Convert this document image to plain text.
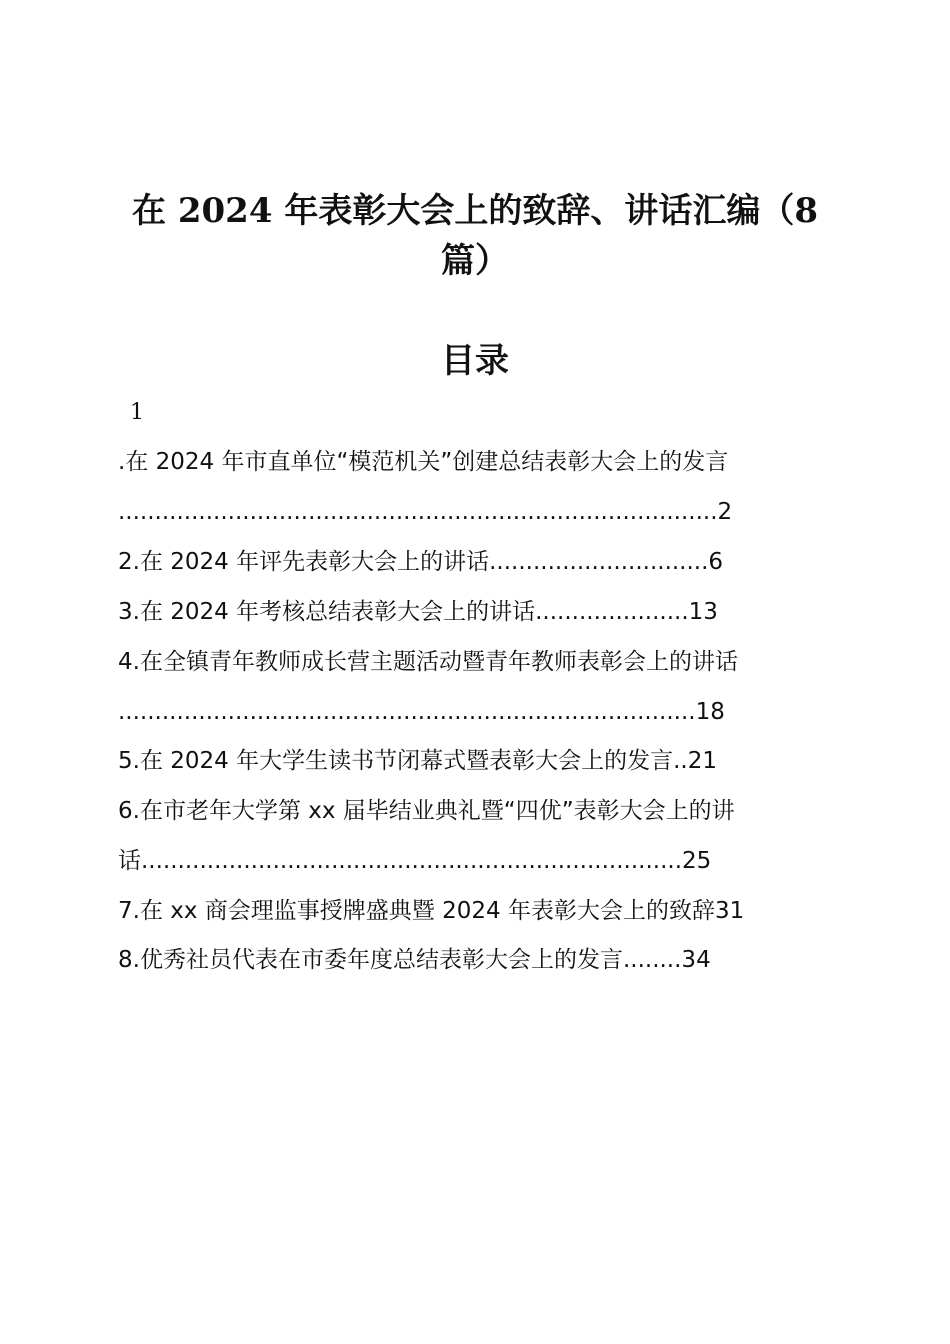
在 2024 年表彰大会上的致辞、讲话汇编（8
篇）
目录
1
.在 2024 年市直单位“模范机关”创建总结表彰大会上的发言
..................................................................................2
2.在 2024 年评先表彰大会上的讲话..............................6
3.在 2024 年考核总结表彰大会上的讲话.....................13
4.在全镇青年教师成长营主题活动暨青年教师表彰会上的讲话
...............................................................................18
5.在 2024 年大学生读书节闭幕式暨表彰大会上的发言..21
6.在市老年大学第 xx 届毕结业典礼暨“四优”表彰大会上的讲
话..........................................................................25
7.在 xx 商会理监事授牌盛典暨 2024 年表彰大会上的致辞31
8.优秀社员代表在市委年度总结表彰大会上的发言........34
